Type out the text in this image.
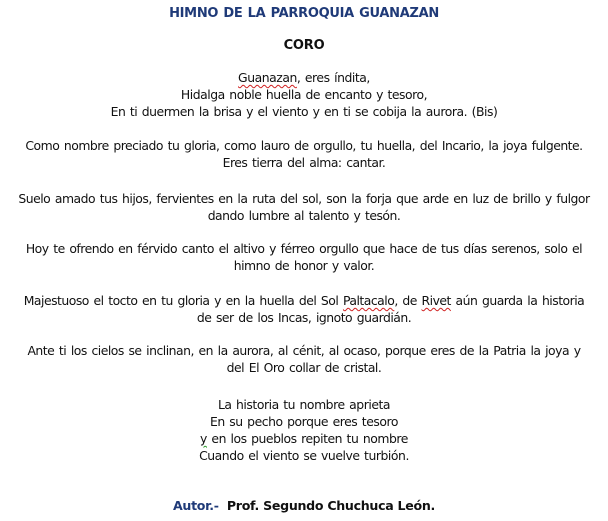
HIMNO DE LA PARROQUIA GUANAZAN
CORO
Guanazan, eres índita,
Hidalga noble huella de encanto y tesoro,
En ti duermen la brisa y el viento y en ti se cobija la aurora. (Bis)
Como nombre preciado tu gloria, como lauro de orgullo, tu huella, del Incario, la joya fulgente. Eres tierra del alma: cantar.
Suelo amado tus hijos, fervientes en la ruta del sol, son la forja que arde en luz de brillo y fulgor dando lumbre al talento y tesón.
Hoy te ofrendo en férvido canto el altivo y férreo orgullo que hace de tus días serenos, solo el himno de honor y valor.
Majestuoso el tocto en tu gloria y en la huella del Sol Paltacalo, de Rivet aún guarda la historia de ser de los Incas, ignoto guardián.
Ante ti los cielos se inclinan, en la aurora, al cénit, al ocaso, porque eres de la Patria la joya y del El Oro collar de cristal.
La historia tu nombre aprieta
En su pecho porque eres tesoro
y en los pueblos repiten tu nombre
Cuando el viento se vuelve turbión.
Autor.- Prof. Segundo Chuchuca León.
